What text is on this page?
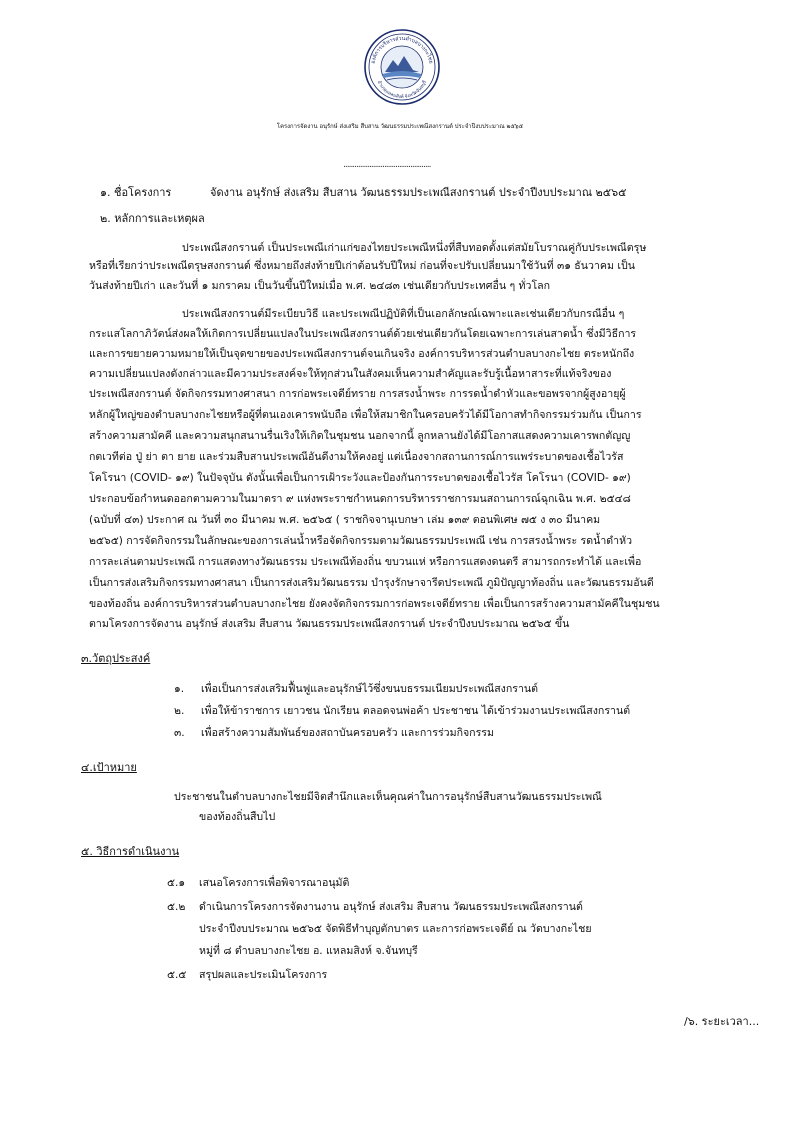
องค์การบริหารส่วนตำบลบางกะไชย
อำเภอแหลมสิงห์ จังหวัดจันทบุรี
โครงการจัดงาน อนุรักษ์ ส่งเสริม สืบสาน วัฒนธรรมประเพณีสงกรานต์ ประจำปีงบประมาณ ๒๕๖๕
...............................................
๑. ชื่อโครงการ	จัดงาน อนุรักษ์ ส่งเสริม สืบสาน วัฒนธรรมประเพณีสงกรานต์ ประจำปีงบประมาณ ๒๕๖๕
๒. หลักการและเหตุผล
ประเพณีสงกรานต์ เป็นประเพณีเก่าแก่ของไทยประเพณีหนึ่งที่สืบทอดตั้งแต่สมัยโบราณคู่กับประเพณีตรุษ
หรือที่เรียกว่าประเพณีตรุษสงกรานต์ ซึ่งหมายถึงส่งท้ายปีเก่าต้อนรับปีใหม่ ก่อนที่จะปรับเปลี่ยนมาใช้วันที่ ๓๑ ธันวาคม เป็น
วันส่งท้ายปีเก่า และวันที่ ๑ มกราคม เป็นวันขึ้นปีใหม่เมื่อ พ.ศ. ๒๔๘๓ เช่นเดียวกับประเทศอื่น ๆ ทั่วโลก
ประเพณีสงกรานต์มีระเบียบวิธี และประเพณีปฏิบัติที่เป็นเอกลักษณ์เฉพาะและเช่นเดียวกับกรณีอื่น ๆ
กระแสโลกาภิวัตน์ส่งผลให้เกิดการเปลี่ยนแปลงในประเพณีสงกรานต์ด้วยเช่นเดียวกันโดยเฉพาะการเล่นสาดน้ำ ซึ่งมีวิธีการ
และการขยายความหมายให้เป็นจุดขายของประเพณีสงกรานต์จนเกินจริง องค์การบริหารส่วนตำบลบางกะไชย ตระหนักถึง
ความเปลี่ยนแปลงดังกล่าวและมีความประสงค์จะให้ทุกส่วนในสังคมเห็นความสำคัญและรับรู้เนื้อหาสาระที่แท้จริงของ
ประเพณีสงกรานต์ จัดกิจกรรมทางศาสนา การก่อพระเจดีย์ทราย การสรงน้ำพระ การรดน้ำดำหัวและขอพรจากผู้สูงอายุผู้
หลักผู้ใหญ่ของตำบลบางกะไชยหรือผู้ที่ตนเองเคารพนับถือ เพื่อให้สมาชิกในครอบครัวได้มีโอกาสทำกิจกรรมร่วมกัน เป็นการ
สร้างความสามัคคี และความสนุกสนานรื่นเริงให้เกิดในชุมชน นอกจากนี้ ลูกหลานยังได้มีโอกาสแสดงความเคารพกตัญญู
กตเวทีต่อ ปู่ ย่า ตา ยาย และร่วมสืบสานประเพณีอันดีงามให้คงอยู่ แต่เนื่องจากสถานการณ์การแพร่ระบาดของเชื้อไวรัส
โคโรนา (COVID- ๑๙) ในปัจจุบัน ดังนั้นเพื่อเป็นการเฝ้าระวังและป้องกันการระบาดของเชื้อไวรัส โคโรนา (COVID- ๑๙)
ประกอบข้อกำหนดออกตามความในมาตรา ๙ แห่งพระราชกำหนดการบริหารราชการมนสถานการณ์ฉุกเฉิน พ.ศ. ๒๕๔๘
(ฉบับที่ ๔๓) ประกาศ ณ วันที่ ๓๐ มีนาคม พ.ศ. ๒๕๖๕ ( ราชกิจจานุเบกษา เล่ม ๑๓๙ ตอนพิเศษ ๗๕ ง ๓๐ มีนาคม
๒๕๖๕) การจัดกิจกรรมในลักษณะของการเล่นน้ำหรือจัดกิจกรรมตามวัฒนธรรมประเพณี เช่น การสรงน้ำพระ รดน้ำดำหัว
การละเล่นตามประเพณี การแสดงทางวัฒนธรรม ประเพณีท้องถิ่น ขบวนแห่ หรือการแสดงดนตรี สามารถกระทำได้ และเพื่อ
เป็นการส่งเสริมกิจกรรมทางศาสนา เป็นการส่งเสริมวัฒนธรรม บำรุงรักษาจารีตประเพณี ภูมิปัญญาท้องถิ่น และวัฒนธรรมอันดี
ของท้องถิ่น องค์การบริหารส่วนตำบลบางกะไชย ยังคงจัดกิจกรรมการก่อพระเจดีย์ทราย เพื่อเป็นการสร้างความสามัคคีในชุมชน
ตามโครงการจัดงาน อนุรักษ์ ส่งเสริม สืบสาน วัฒนธรรมประเพณีสงกรานต์ ประจำปีงบประมาณ ๒๕๖๕ ขึ้น
๓.วัตถุประสงค์
๑. เพื่อเป็นการส่งเสริมฟื้นฟูและอนุรักษ์ไว้ซึ่งขนบธรรมเนียมประเพณีสงกรานต์
๒. เพื่อให้ข้าราชการ เยาวชน นักเรียน ตลอดจนพ่อค้า ประชาชน ได้เข้าร่วมงานประเพณีสงกรานต์
๓. เพื่อสร้างความสัมพันธ์ของสถาบันครอบครัว และการร่วมกิจกรรม
๔.เป้าหมาย
ประชาชนในตำบลบางกะไชยมีจิตสำนึกและเห็นคุณค่าในการอนุรักษ์สืบสานวัฒนธรรมประเพณี
ของท้องถิ่นสืบไป
๕. วิธีการดำเนินงาน
๕.๑ เสนอโครงการเพื่อพิจารณาอนุมัติ
๕.๒ ดำเนินการโครงการจัดงานงาน อนุรักษ์ ส่งเสริม สืบสาน วัฒนธรรมประเพณีสงกรานต์
ประจำปีงบประมาณ ๒๕๖๕ จัดพิธีทำบุญตักบาตร และการก่อพระเจดีย์ ณ วัดบางกะไชย
หมู่ที่ ๘ ตำบลบางกะไชย อ. แหลมสิงห์ จ.จันทบุรี
๕.๕ สรุปผลและประเมินโครงการ
/๖. ระยะเวลา...
